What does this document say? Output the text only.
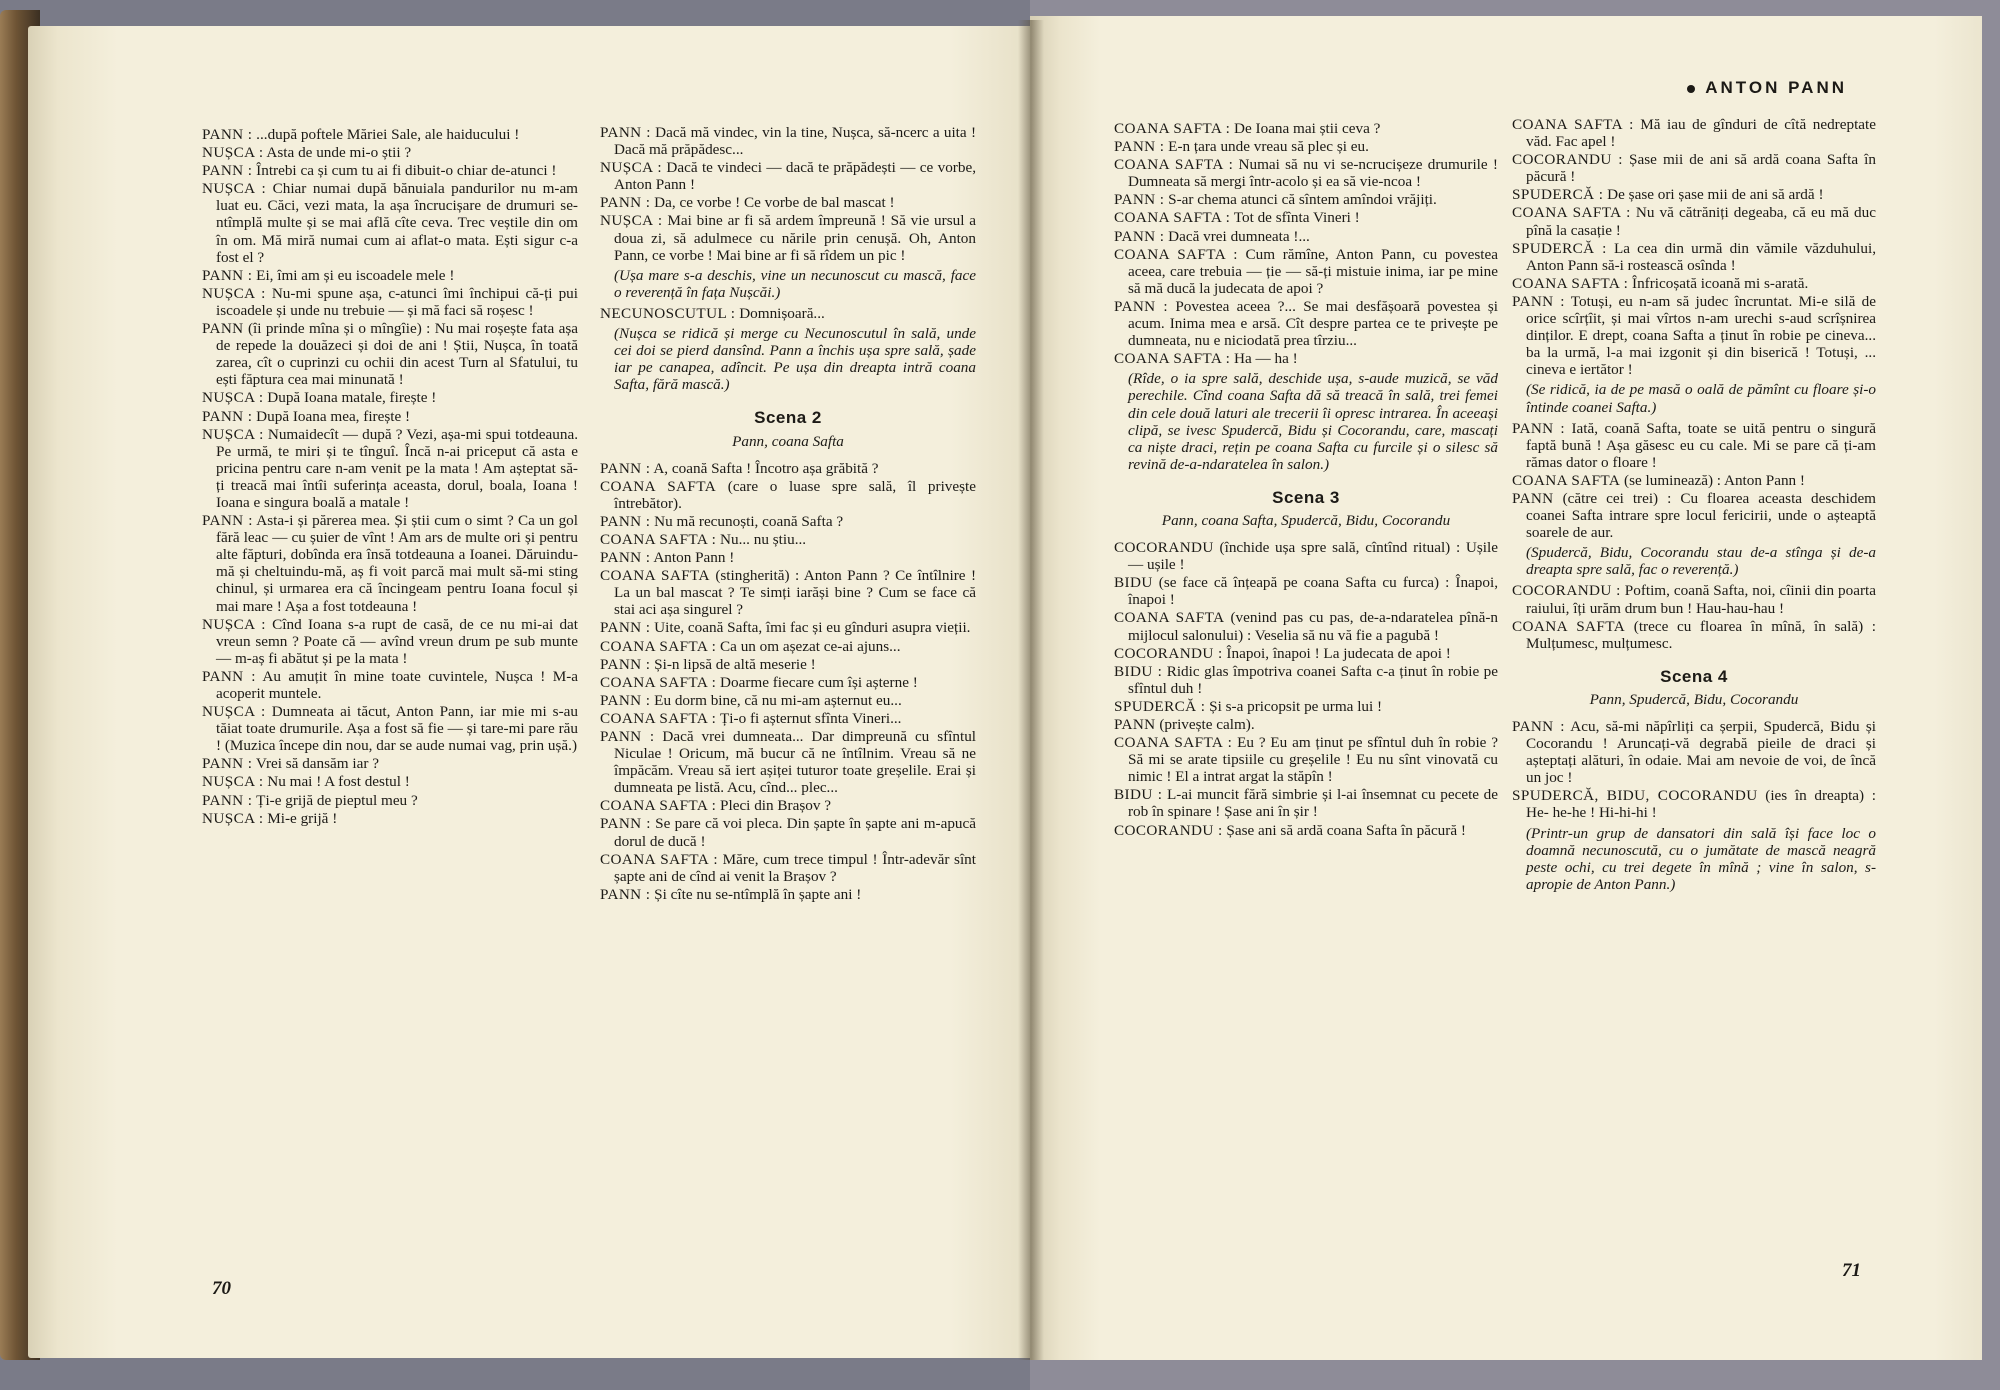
PANN : ...după poftele Măriei Sale, ale haiducului !

NUȘCA : Asta de unde mi-o știi ?

PANN : Întrebi ca și cum tu ai fi dibuit-o chiar de-atunci !

NUȘCA : Chiar numai după bănuiala pandurilor nu m-am luat eu. Căci, vezi mata, la așa încrucișare de drumuri se-ntîmplă multe și se mai află cîte ceva. Trec veștile din om în om. Mă miră numai cum ai aflat-o mata. Ești sigur c-a fost el ?

PANN : Ei, îmi am și eu iscoadele mele !

NUȘCA : Nu-mi spune așa, c-atunci îmi închipui că-ți pui iscoadele și unde nu trebuie — și mă faci să roșesc !

PANN (îi prinde mîna și o mîngîie) : Nu mai roșește fata așa de repede la douăzeci și doi de ani ! Știi, Nușca, în toată zarea, cît o cuprinzi cu ochii din acest Turn al Sfatului, tu ești făptura cea mai minunată !

NUȘCA : După Ioana matale, firește !

PANN : După Ioana mea, firește !

NUȘCA : Numaidecît — după ? Vezi, așa-mi spui totdeauna. Pe urmă, te miri și te tînguî. Încă n-ai priceput că asta e pricina pentru care n-am venit pe la mata ! Am așteptat să-ți treacă mai întîi suferința aceasta, dorul, boala, Ioana ! Ioana e singura boală a matale !

PANN : Asta-i și părerea mea. Și știi cum o simt ? Ca un gol fără leac — cu șuier de vînt ! Am ars de multe ori și pentru alte făpturi, dobînda era însă totdeauna a Ioanei. Dăruindu-mă și cheltuindu-mă, aș fi voit parcă mai mult să-mi sting chinul, și urmarea era că încingeam pentru Ioana focul și mai mare ! Așa a fost totdeauna !

NUȘCA : Cînd Ioana s-a rupt de casă, de ce nu mi-ai dat vreun semn ? Poate că — avînd vreun drum pe sub munte — m-aș fi abătut și pe la mata !

PANN : Au amuțit în mine toate cuvintele, Nușca ! M-a acoperit muntele.

NUȘCA : Dumneata ai tăcut, Anton Pann, iar mie mi s-au tăiat toate drumurile. Așa a fost să fie — și tare-mi pare rău ! (Muzica începe din nou, dar se aude numai vag, prin ușă.)

PANN : Vrei să dansăm iar ?

NUȘCA : Nu mai ! A fost destul !

PANN : Ți-e grijă de pieptul meu ?

NUȘCA : Mi-e grijă !

PANN : Dacă mă vindec, vin la tine, Nușca, să-ncerc a uita ! Dacă mă prăpădesc...

NUȘCA : Dacă te vindeci — dacă te prăpădești — ce vorbe, Anton Pann !

PANN : Da, ce vorbe ! Ce vorbe de bal mascat !

NUȘCA : Mai bine ar fi să ardem împreună ! Să vie ursul a doua zi, să adulmece cu nările prin cenușă. Oh, Anton Pann, ce vorbe ! Mai bine ar fi să rîdem un pic !

(Ușa mare s-a deschis, vine un necunoscut cu mască, face o reverență în fața Nușcăi.)

NECUNOSCUTUL : Domnișoară...

(Nușca se ridică și merge cu Necunoscutul în sală, unde cei doi se pierd dansînd. Pann a închis ușa spre sală, șade iar pe canapea, adîncit. Pe ușa din dreapta intră coana Safta, fără mască.)

Scena 2
Pann, coana Safta

PANN : A, coană Safta ! Încotro așa grăbită ?

COANA SAFTA (care o luase spre sală, îl privește întrebător).

PANN : Nu mă recunoști, coană Safta ?

COANA SAFTA : Nu... nu știu...

PANN : Anton Pann !

COANA SAFTA (stingherită) : Anton Pann ? Ce întîlnire ! La un bal mascat ? Te simți iarăși bine ? Cum se face că stai aci așa singurel ?

PANN : Uite, coană Safta, îmi fac și eu gînduri asupra vieții.

COANA SAFTA : Ca un om așezat ce-ai ajuns...

PANN : Și-n lipsă de altă meserie !

COANA SAFTA : Doarme fiecare cum își așterne !

PANN : Eu dorm bine, că nu mi-am așternut eu...

COANA SAFTA : Ți-o fi așternut sfînta Vineri...

PANN : Dacă vrei dumneata... Dar dimpreună cu sfîntul Niculae ! Oricum, mă bucur că ne întîlnim. Vreau să ne împăcăm. Vreau să iert așiței tuturor toate greșelile. Erai și dumneata pe listă. Acu, cînd... plec...

COANA SAFTA : Pleci din Brașov ?

PANN : Se pare că voi pleca. Din șapte în șapte ani m-apucă dorul de ducă !

COANA SAFTA : Măre, cum trece timpul ! Într-adevăr sînt șapte ani de cînd ai venit la Brașov ?

PANN : Și cîte nu se-ntîmplă în șapte ani !

70
ANTON PANN

COANA SAFTA : De Ioana mai știi ceva ?

PANN : E-n țara unde vreau să plec și eu.

COANA SAFTA : Numai să nu vi se-ncrucișeze drumurile ! Dumneata să mergi într-acolo și ea să vie-ncoa !

PANN : S-ar chema atunci că sîntem amîndoi vrăjiți.

COANA SAFTA : Tot de sfînta Vineri !

PANN : Dacă vrei dumneata !...

COANA SAFTA : Cum rămîne, Anton Pann, cu povestea aceea, care trebuia — ție — să-ți mistuie inima, iar pe mine să mă ducă la judecata de apoi ?

PANN : Povestea aceea ?... Se mai desfășoară povestea și acum. Inima mea e arsă. Cît despre partea ce te privește pe dumneata, nu e niciodată prea tîrziu...

COANA SAFTA : Ha — ha !

(Rîde, o ia spre sală, deschide ușa, s-aude muzică, se văd perechile. Cînd coana Safta dă să treacă în sală, trei femei din cele două laturi ale trecerii îi opresc intrarea. În aceeași clipă, se ivesc Spudercă, Bidu și Cocorandu, care, mascați ca niște draci, rețin pe coana Safta cu furcile și o silesc să revină de-a-ndaratelea în salon.)

Scena 3
Pann, coana Safta, Spudercă, Bidu, Cocorandu

COCORANDU (închide ușa spre sală, cîntînd ritual) : Ușile — ușile !

BIDU (se face că înțeapă pe coana Safta cu furca) : Înapoi, înapoi !

COANA SAFTA (venind pas cu pas, de-a-ndaratelea pînă-n mijlocul salonului) : Veselia să nu vă fie a pagubă !

COCORANDU : Înapoi, înapoi ! La judecata de apoi !

BIDU : Ridic glas împotriva coanei Safta c-a ținut în robie pe sfîntul duh !

SPUDERCĂ : Și s-a pricopsit pe urma lui !

PANN (privește calm).

COANA SAFTA : Eu ? Eu am ținut pe sfîntul duh în robie ? Să mi se arate tipsiile cu greșelile ! Eu nu sînt vinovată cu nimic ! El a intrat argat la stăpîn !

BIDU : L-ai muncit fără simbrie și l-ai însemnat cu pecete de rob în spinare ! Șase ani în șir !

COCORANDU : Șase ani să ardă coana Safta în păcură !

COANA SAFTA : Mă iau de gînduri de cîtă nedreptate văd. Fac apel !

COCORANDU : Șase mii de ani să ardă coana Safta în păcură !

SPUDERCĂ : De șase ori șase mii de ani să ardă !

COANA SAFTA : Nu vă cătrăniți degeaba, că eu mă duc pînă la casație !

SPUDERCĂ : La cea din urmă din vămile văzduhului, Anton Pann să-i rostească osînda !

COANA SAFTA : Înfricoșată icoană mi s-arată.

PANN : Totuși, eu n-am să judec încruntat. Mi-e silă de orice scîrțîit, și mai vîrtos n-am urechi s-aud scrîșnirea dinților. E drept, coana Safta a ținut în robie pe cineva... ba la urmă, l-a mai izgonit și din biserică ! Totuși, ... cineva e iertător !

(Se ridică, ia de pe masă o oală de pămînt cu floare și-o întinde coanei Safta.)

PANN : Iată, coană Safta, toate se uită pentru o singură faptă bună ! Așa găsesc eu cu cale. Mi se pare că ți-am rămas dator o floare !

COANA SAFTA (se luminează) : Anton Pann !

PANN (către cei trei) : Cu floarea aceasta deschidem coanei Safta intrare spre locul fericirii, unde o așteaptă soarele de aur.

(Spudercă, Bidu, Cocorandu stau de-a stînga și de-a dreapta spre sală, fac o reverență.)

COCORANDU : Poftim, coană Safta, noi, cîinii din poarta raiului, îți urăm drum bun ! Hau-hau-hau !

COANA SAFTA (trece cu floarea în mînă, în sală) : Mulțumesc, mulțumesc.

Scena 4
Pann, Spudercă, Bidu, Cocorandu

PANN : Acu, să-mi năpîrliți ca șerpii, Spudercă, Bidu și Cocorandu ! Aruncați-vă degrabă pieile de draci și așteptați alături, în odaie. Mai am nevoie de voi, de încă un joc !

SPUDERCĂ, BIDU, COCORANDU (ies în dreapta) : He- he-he ! Hi-hi-hi !

(Printr-un grup de dansatori din sală își face loc o doamnă necunoscută, cu o jumătate de mască neagră peste ochi, cu trei degete în mînă ; vine în salon, s-apropie de Anton Pann.)

71
